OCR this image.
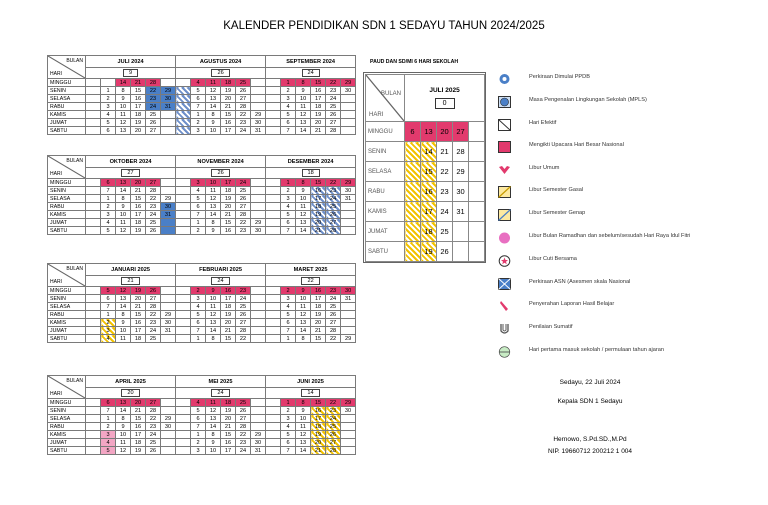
KALENDER PENDIDIKAN SDN 1 SEDAYU TAHUN 2024/2025
BULAN
HARI	JULI 2024						AGUSTUS 2024						SEPTEMBER 2024					
	9						26						24					
MINGGU			14	21	28			4	11	18	25			1	8	15	22	29
SENIN		1	8	15	22	29		5	12	19	26			2	9	16	23	30
SELASA		2	9	16	23	30		6	13	20	27			3	10	17	24	
RABU		3	10	17	24	31		7	14	21	28			4	11	18	25	
KAMIS		4	11	18	25			1	8	15	22	29		5	12	19	26	
JUMAT		5	12	19	26			2	9	16	23	30		6	13	20	27	
SABTU		6	13	20	27			3	10	17	24	31		7	14	21	28	
BULAN
HARI	OKTOBER 2024						NOVEMBER 2024						DESEMBER 2024					
	27						26						18					
MINGGU		6	13	20	27			3	10	17	24			1	8	15	22	29
SENIN		7	14	21	28			4	11	18	25			2	9	16	23	30
SELASA		1	8	15	22	29		5	12	19	26			3	10	17	24	31
RABU		2	9	16	23	30		6	13	20	27			4	11	18	25	
KAMIS		3	10	17	24	31		7	14	21	28			5	12	19	26	
JUMAT		4	11	18	25			1	8	15	22	29		6	13	20	27	
SABTU		5	12	19	26			2	9	16	23	30		7	14	21	28	
BULAN
HARI	JANUARI 2025						FEBRUARI 2025						MARET 2025					
	21						24						22					
MINGGU		5	12	19	26			2	9	16	23			2	9	16	23	30
SENIN		6	13	20	27			3	10	17	24			3	10	17	24	31
SELASA		7	14	21	28			4	11	18	25			4	11	18	25	
RABU		1	8	15	22	29		5	12	19	26			5	12	19	26	
KAMIS		2	9	16	23	30		6	13	20	27			6	13	20	27	
JUMAT		3	10	17	24	31		7	14	21	28			7	14	21	28	
SABTU		4	11	18	25			1	8	15	22			1	8	15	22	29
BULAN
HARI	APRIL 2025						MEI 2025						JUNI 2025					
	20						24						14					
MINGGU		6	13	20	27			4	11	18	25			1	8	15	22	29
SENIN		7	14	21	28			5	12	19	26			2	9	16	23	30
SELASA		1	8	15	22	29		6	13	20	27			3	10	17	24	
RABU		2	9	16	23	30		7	14	21	28			4	11	18	25	
KAMIS		3	10	17	24			1	8	15	22	29		5	12	19	26	
JUMAT		4	11	18	25			2	9	16	23	30		6	13	20	27	
SABTU		5	12	19	26			3	10	17	24	31		7	14	21	28	
PAUD DAN SD/MI 6 HARI SEKOLAH
BULAN
HARI	JULI 2025
0				
MINGGU	6	13	20	27	
SENIN		14	21	28	
SELASA		15	22	29	
RABU		16	23	30	
KAMIS		17	24	31	
JUMAT		18	25		
SABTU		19	26		
Perkiraan Dimulai PPDB
Masa Pengenalan Lingkungan Sekolah (MPLS)
Hari Efektif
Mengikti Upacara Hari Besar Nasional
Libur Umum
Libur Semester Gasal
Libur Semester Genap
Libur Bulan Ramadhan dan sebelum/sesudah Hari Raya Idul Fitri
Libur Cuti Bersama
Perkiraan ASN (Asesmen skala Nasional
Penyerahan Laporan Hasil Belajar
Penilaian Sumatif
Hari pertama masuk sekolah / permulaan tahun ajaran
Sedayu, 22 Juli 2024
Kepala SDN 1 Sedayu
Hernowo, S.Pd.SD.,M.Pd
NIP. 19660712 200212 1 004
